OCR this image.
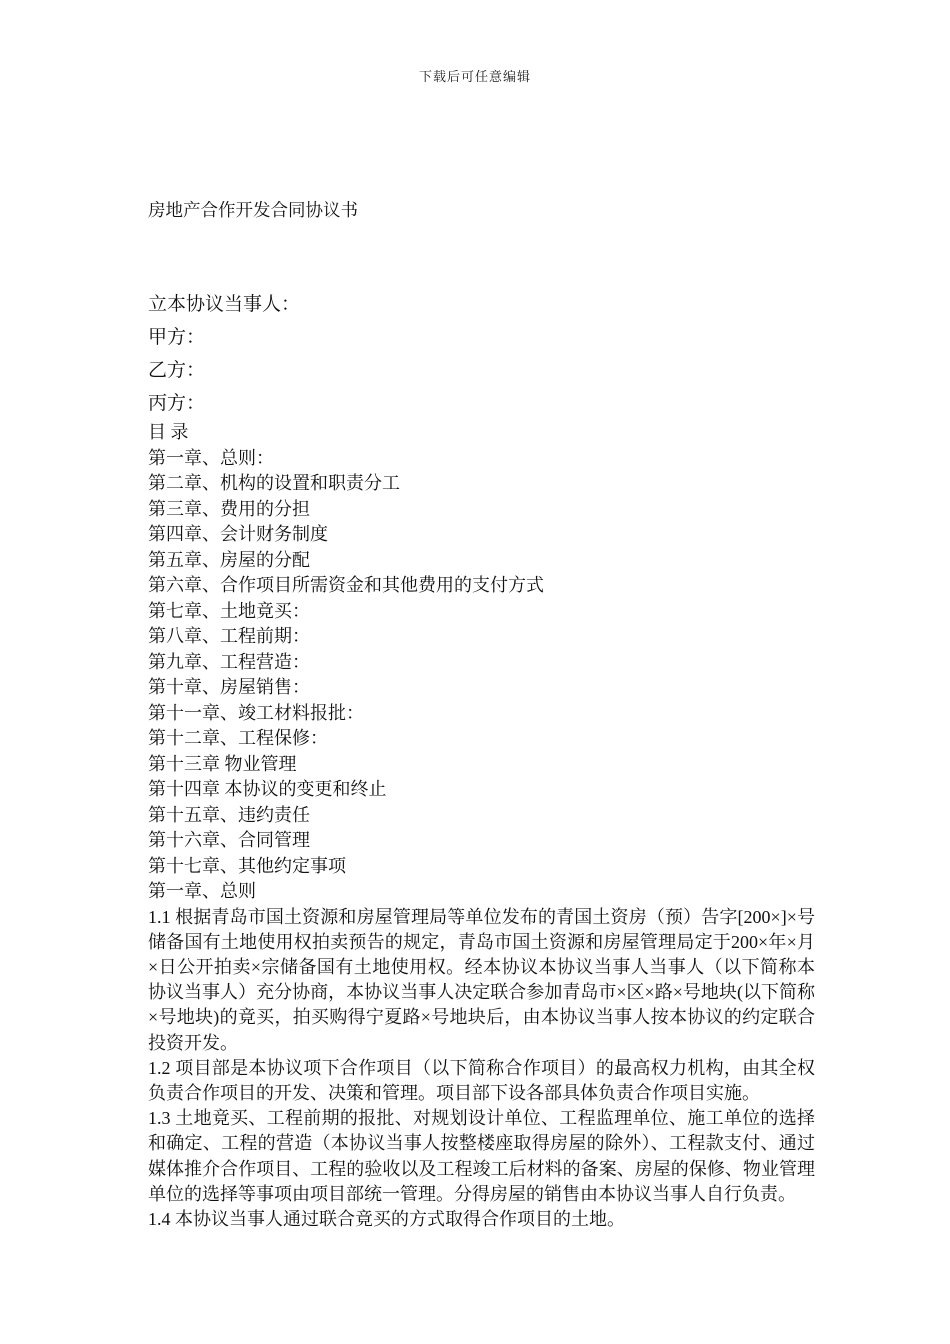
下载后可任意编辑
房地产合作开发合同协议书
立本协议当事人：
甲方：
乙方：
丙方：
目 录
第一章、总则：
第二章、机构的设置和职责分工
第三章、费用的分担
第四章、会计财务制度
第五章、房屋的分配
第六章、合作项目所需资金和其他费用的支付方式
第七章、土地竟买：
第八章、工程前期：
第九章、工程营造：
第十章、房屋销售：
第十一章、竣工材料报批：
第十二章、工程保修：
第十三章 物业管理
第十四章 本协议的变更和终止
第十五章、违约责任
第十六章、合同管理
第十七章、其他约定事项
第一章、总则

1.1 根据青岛市国土资源和房屋管理局等单位发布的青国土资房（预）告字[200×]×号储备国有土地使用权拍卖预告的规定，青岛市国土资源和房屋管理局定于200×年×月×日公开拍卖×宗储备国有土地使用权。经本协议本协议当事人当事人（以下简称本协议当事人）充分协商，本协议当事人决定联合参加青岛市×区×路×号地块(以下简称×号地块)的竟买，拍买购得宁夏路×号地块后，由本协议当事人按本协议的约定联合投资开发。

1.2 项目部是本协议项下合作项目（以下简称合作项目）的最高权力机构，由其全权负责合作项目的开发、决策和管理。项目部下设各部具体负责合作项目实施。

1.3 土地竟买、工程前期的报批、对规划设计单位、工程监理单位、施工单位的选择和确定、工程的营造（本协议当事人按整楼座取得房屋的除外）、工程款支付、通过媒体推介合作项目、工程的验收以及工程竣工后材料的备案、房屋的保修、物业管理单位的选择等事项由项目部统一管理。分得房屋的销售由本协议当事人自行负责。

1.4 本协议当事人通过联合竟买的方式取得合作项目的土地。
